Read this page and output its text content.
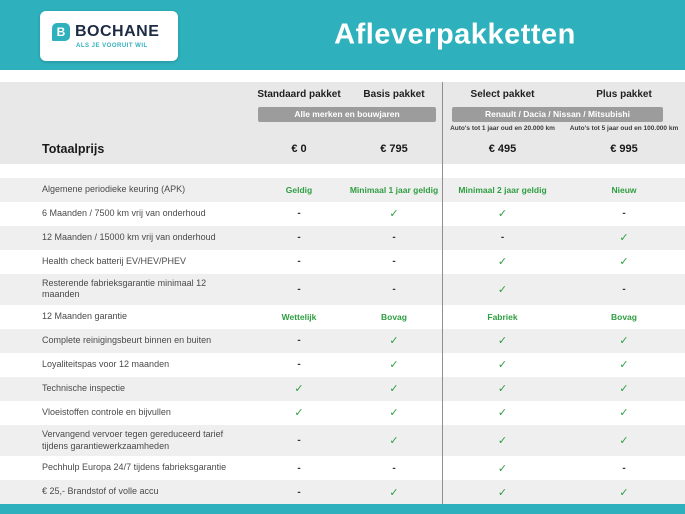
B BOCHANE
ALS JE VOORUIT WIL	Afleverpakketten
Standaard pakket	Basis pakket	Select pakket	Plus pakket
Alle merken en bouwjaren	Renault / Dacia / Nissan / Mitsubishi
Auto's tot 1 jaar oud en 20.000 km	Auto's tot 5 jaar oud en 100.000 km
Totaalprijs	€ 0	€ 795	€ 495	€ 995
Algemene periodieke keuring (APK)	Geldig	Minimaal 1 jaar geldig	Minimaal 2 jaar geldig	Nieuw
6 Maanden / 7500 km vrij van onderhoud	-	✓	✓	-
12 Maanden / 15000 km vrij van onderhoud	-	-	-	✓
Health check batterij EV/HEV/PHEV	-	-	✓	✓
Resterende fabrieksgarantie minimaal 12 maanden	-	-	✓	-
12 Maanden garantie	Wettelijk	Bovag	Fabriek	Bovag
Complete reinigingsbeurt binnen en buiten	-	✓	✓	✓
Loyaliteitspas voor 12 maanden	-	✓	✓	✓
Technische inspectie	✓	✓	✓	✓
Vloeistoffen controle en bijvullen	✓	✓	✓	✓
Vervangend vervoer tegen gereduceerd tarief tijdens garantiewerkzaamheden	-	✓	✓	✓
Pechhulp Europa 24/7 tijdens fabrieksgarantie	-	-	✓	-
€ 25,- Brandstof of volle accu	-	✓	✓	✓
